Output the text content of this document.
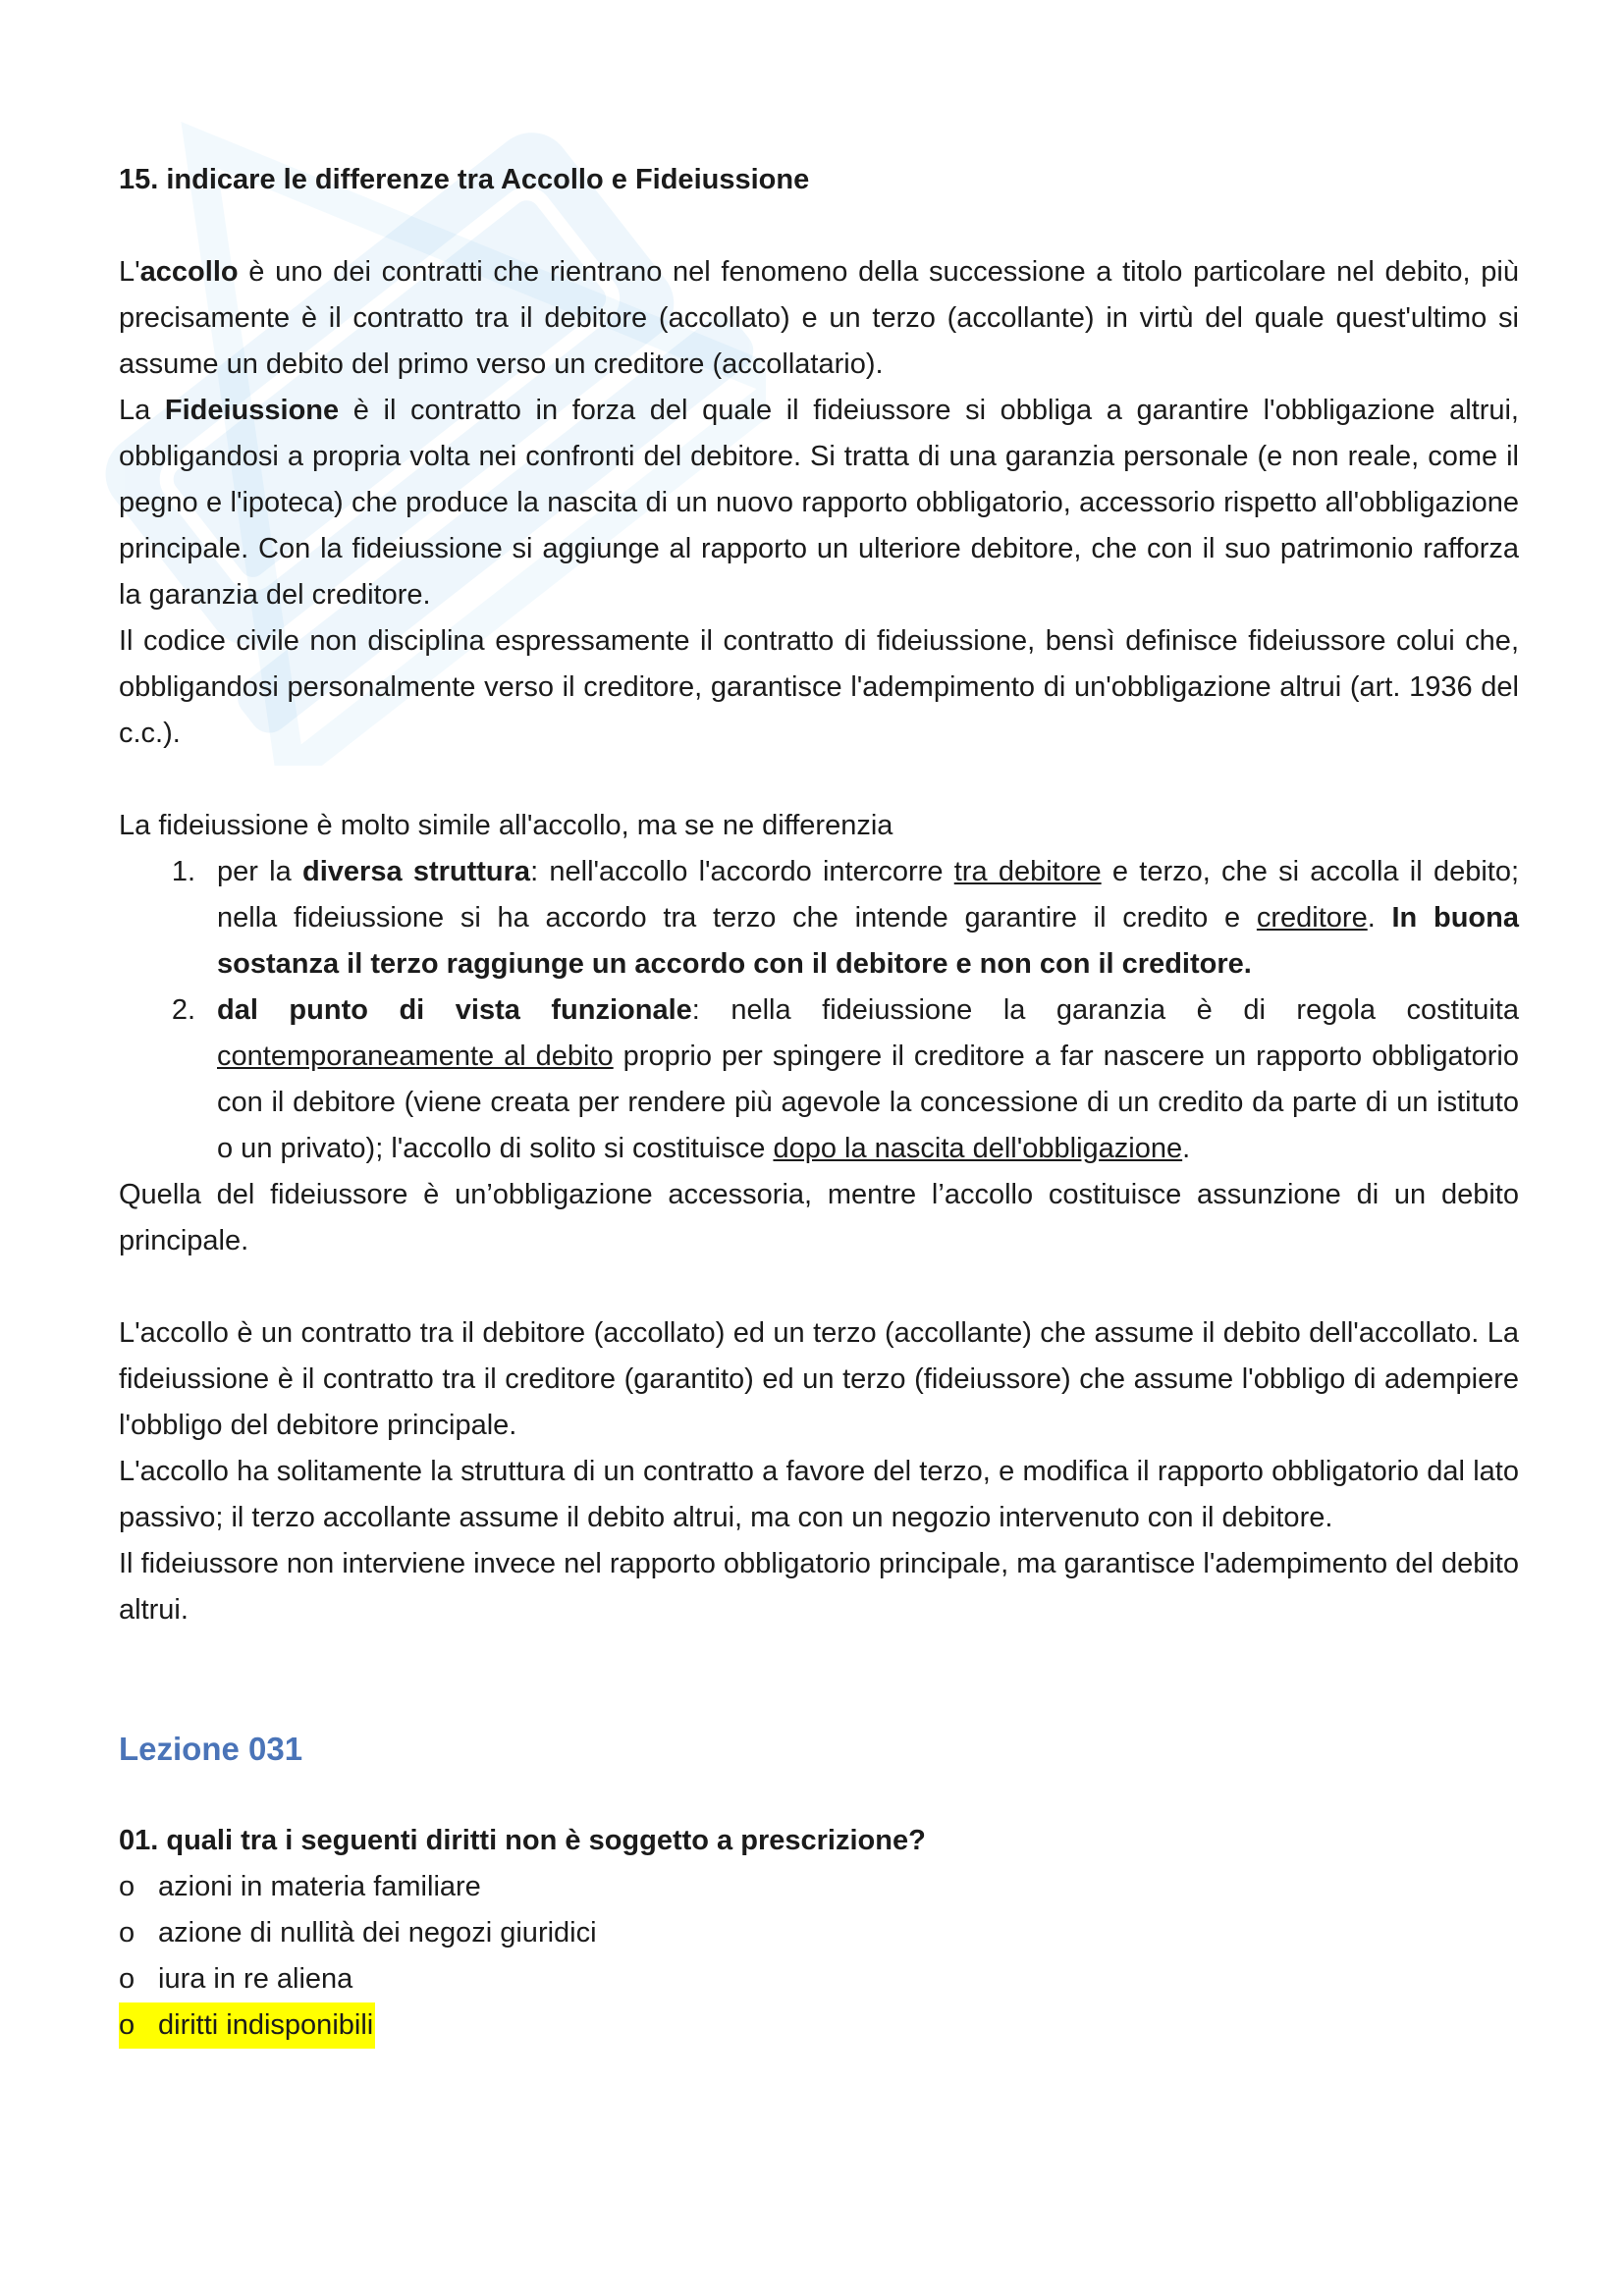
15. indicare le differenze tra Accollo e Fideiussione

L'accollo è uno dei contratti che rientrano nel fenomeno della successione a titolo particolare nel debito, più precisamente è il contratto tra il debitore (accollato) e un terzo (accollante) in virtù del quale quest'ultimo si assume un debito del primo verso un creditore (accollatario).

La Fideiussione è il contratto in forza del quale il fideiussore si obbliga a garantire l'obbligazione altrui, obbligandosi a propria volta nei confronti del debitore. Si tratta di una garanzia personale (e non reale, come il pegno e l'ipoteca) che produce la nascita di un nuovo rapporto obbligatorio, accessorio rispetto all'obbligazione principale. Con la fideiussione si aggiunge al rapporto un ulteriore debitore, che con il suo patrimonio rafforza la garanzia del creditore.

Il codice civile non disciplina espressamente il contratto di fideiussione, bensì definisce fideiussore colui che, obbligandosi personalmente verso il creditore, garantisce l'adempimento di un'obbligazione altrui (art. 1936 del c.c.).

La fideiussione è molto simile all'accollo, ma se ne differenzia

1. per la diversa struttura: nell'accollo l'accordo intercorre tra debitore e terzo, che si accolla il debito; nella fideiussione si ha accordo tra terzo che intende garantire il credito e creditore. In buona sostanza il terzo raggiunge un accordo con il debitore e non con il creditore.
2. dal punto di vista funzionale: nella fideiussione la garanzia è di regola costituita contemporaneamente al debito proprio per spingere il creditore a far nascere un rapporto obbligatorio con il debitore (viene creata per rendere più agevole la concessione di un credito da parte di un istituto o un privato); l'accollo di solito si costituisce dopo la nascita dell'obbligazione.

Quella del fideiussore è un’obbligazione accessoria, mentre l’accollo costituisce assunzione di un debito principale.

L'accollo è un contratto tra il debitore (accollato) ed un terzo (accollante) che assume il debito dell'accollato. La fideiussione è il contratto tra il creditore (garantito) ed un terzo (fideiussore) che assume l'obbligo di adempiere l'obbligo del debitore principale.

L'accollo ha solitamente la struttura di un contratto a favore del terzo, e modifica il rapporto obbligatorio dal lato passivo; il terzo accollante assume il debito altrui, ma con un negozio intervenuto con il debitore.

Il fideiussore non interviene invece nel rapporto obbligatorio principale, ma garantisce l'adempimento del debito altrui.

Lezione 031

01. quali tra i seguenti diritti non è soggetto a prescrizione?

o azioni in materia familiare
o azione di nullità dei negozi giuridici
o iura in re aliena
o diritti indisponibili
